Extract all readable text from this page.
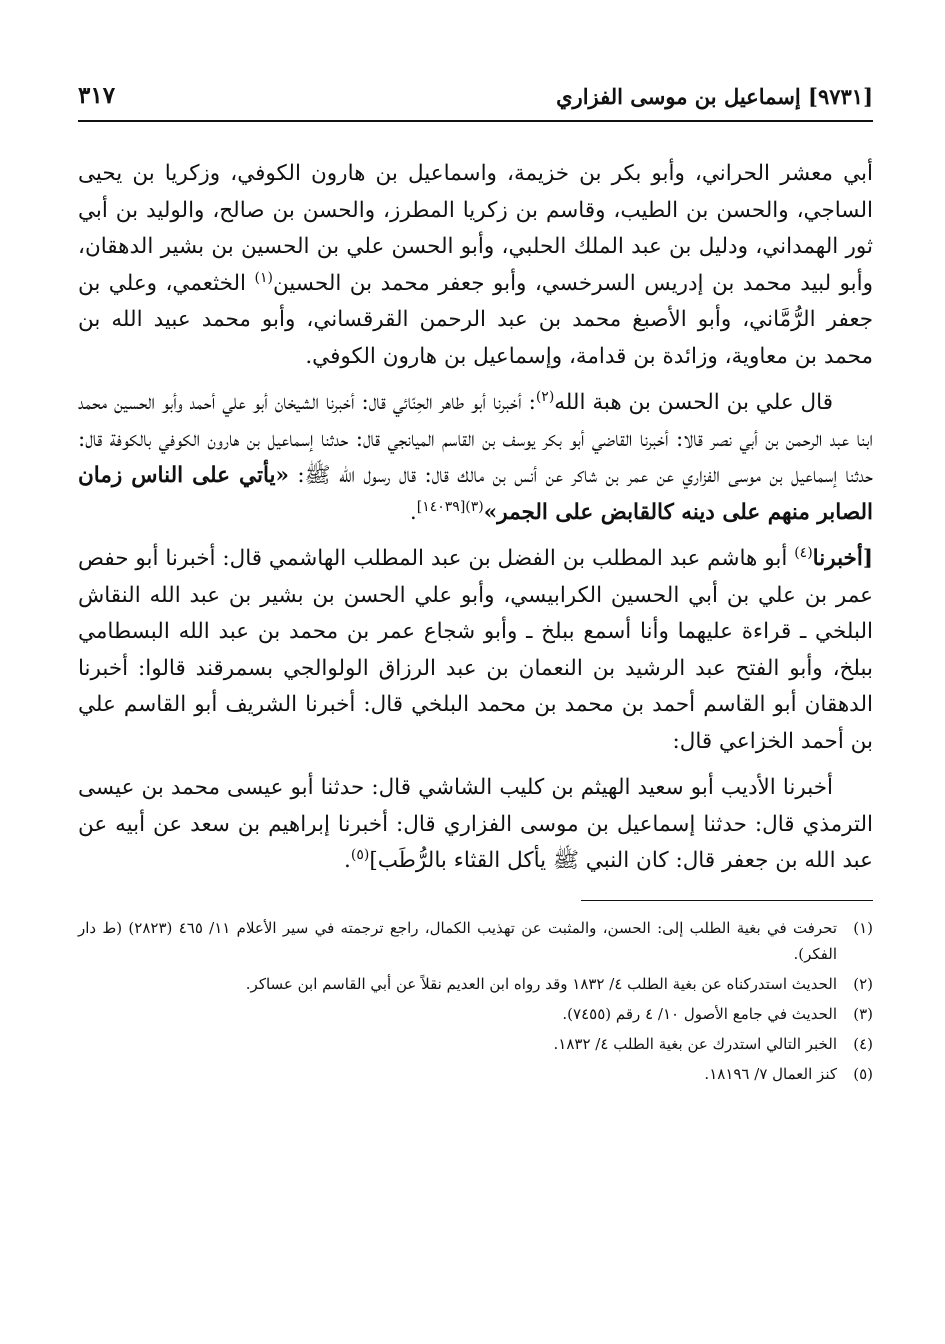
[٩٧٣١] إسماعيل بن موسى الفزاري
٣١٧

أبي معشر الحراني، وأبو بكر بن خزيمة، واسماعيل بن هارون الكوفي، وزكريا بن يحيى الساجي، والحسن بن الطيب، وقاسم بن زكريا المطرز، والحسن بن صالح، والوليد بن أبي ثور الهمداني، ودليل بن عبد الملك الحلبي، وأبو الحسن علي بن الحسين بن بشير الدهقان، وأبو لبيد محمد بن إدريس السرخسي، وأبو جعفر محمد بن الحسين$^{(١)}$ الخثعمي، وعلي بن جعفر الرُّمَّاني، وأبو الأصبغ محمد بن عبد الرحمن القرقساني، وأبو محمد عبيد الله بن محمد بن معاوية، وزائدة بن قدامة، وإسماعيل بن هارون الكوفي.

قال علي بن الحسن بن هبة الله$^{(٢)}$: أخبرنا أبو طاهر الحِنّائي قال: أخبرنا الشيخان أبو علي أحمد وأبو الحسين محمد ابنا عبد الرحمن بن أبي نصر قالا: أخبرنا القاضي أبو بكر يوسف بن القاسم الميانجي قال: حدثنا إسماعيل بن هارون الكوفي بالكوفة قال: حدثنا إسماعيل بن موسى الفزاري عن عمر بن شاكر عن أنس بن مالك قال: قال رسول الله ﷺ: «يأتي على الناس زمان الصابر منهم على دينه كالقابض على الجمر»$^{(٣)[١٤٠٣٩]}$.

[أخبرنا$^{(٤)}$ أبو هاشم عبد المطلب بن الفضل بن عبد المطلب الهاشمي قال: أخبرنا أبو حفص عمر بن علي بن أبي الحسين الكرابيسي، وأبو علي الحسن بن بشير بن عبد الله النقاش البلخي ـ قراءة عليهما وأنا أسمع ببلخ ـ وأبو شجاع عمر بن محمد بن عبد الله البسطامي ببلخ، وأبو الفتح عبد الرشيد بن النعمان بن عبد الرزاق الولوالجي بسمرقند قالوا: أخبرنا الدهقان أبو القاسم أحمد بن محمد بن محمد البلخي قال: أخبرنا الشريف أبو القاسم علي بن أحمد الخزاعي قال:

أخبرنا الأديب أبو سعيد الهيثم بن كليب الشاشي قال: حدثنا أبو عيسى محمد بن عيسى الترمذي قال: حدثنا إسماعيل بن موسى الفزاري قال: أخبرنا إبراهيم بن سعد عن أبيه عن عبد الله بن جعفر قال: كان النبي ﷺ يأكل القثاء بالرُّطَب]$^{(٥)}$.

(١)
تحرفت في بغية الطلب إلى: الحسن، والمثبت عن تهذيب الكمال، راجع ترجمته في سير الأعلام ١١/ ٤٦٥ (٢٨٢٣) (ط دار الفكر).
(٢)
الحديث استدركناه عن بغية الطلب ٤/ ١٨٣٢ وقد رواه ابن العديم نقلاً عن أبي القاسم ابن عساكر.
(٣)
الحديث في جامع الأصول ١٠/ ٤ رقم (٧٤٥٥).
(٤)
الخبر التالي استدرك عن بغية الطلب ٤/ ١٨٣٢.
(٥)
كنز العمال ٧/ ١٨١٩٦.
